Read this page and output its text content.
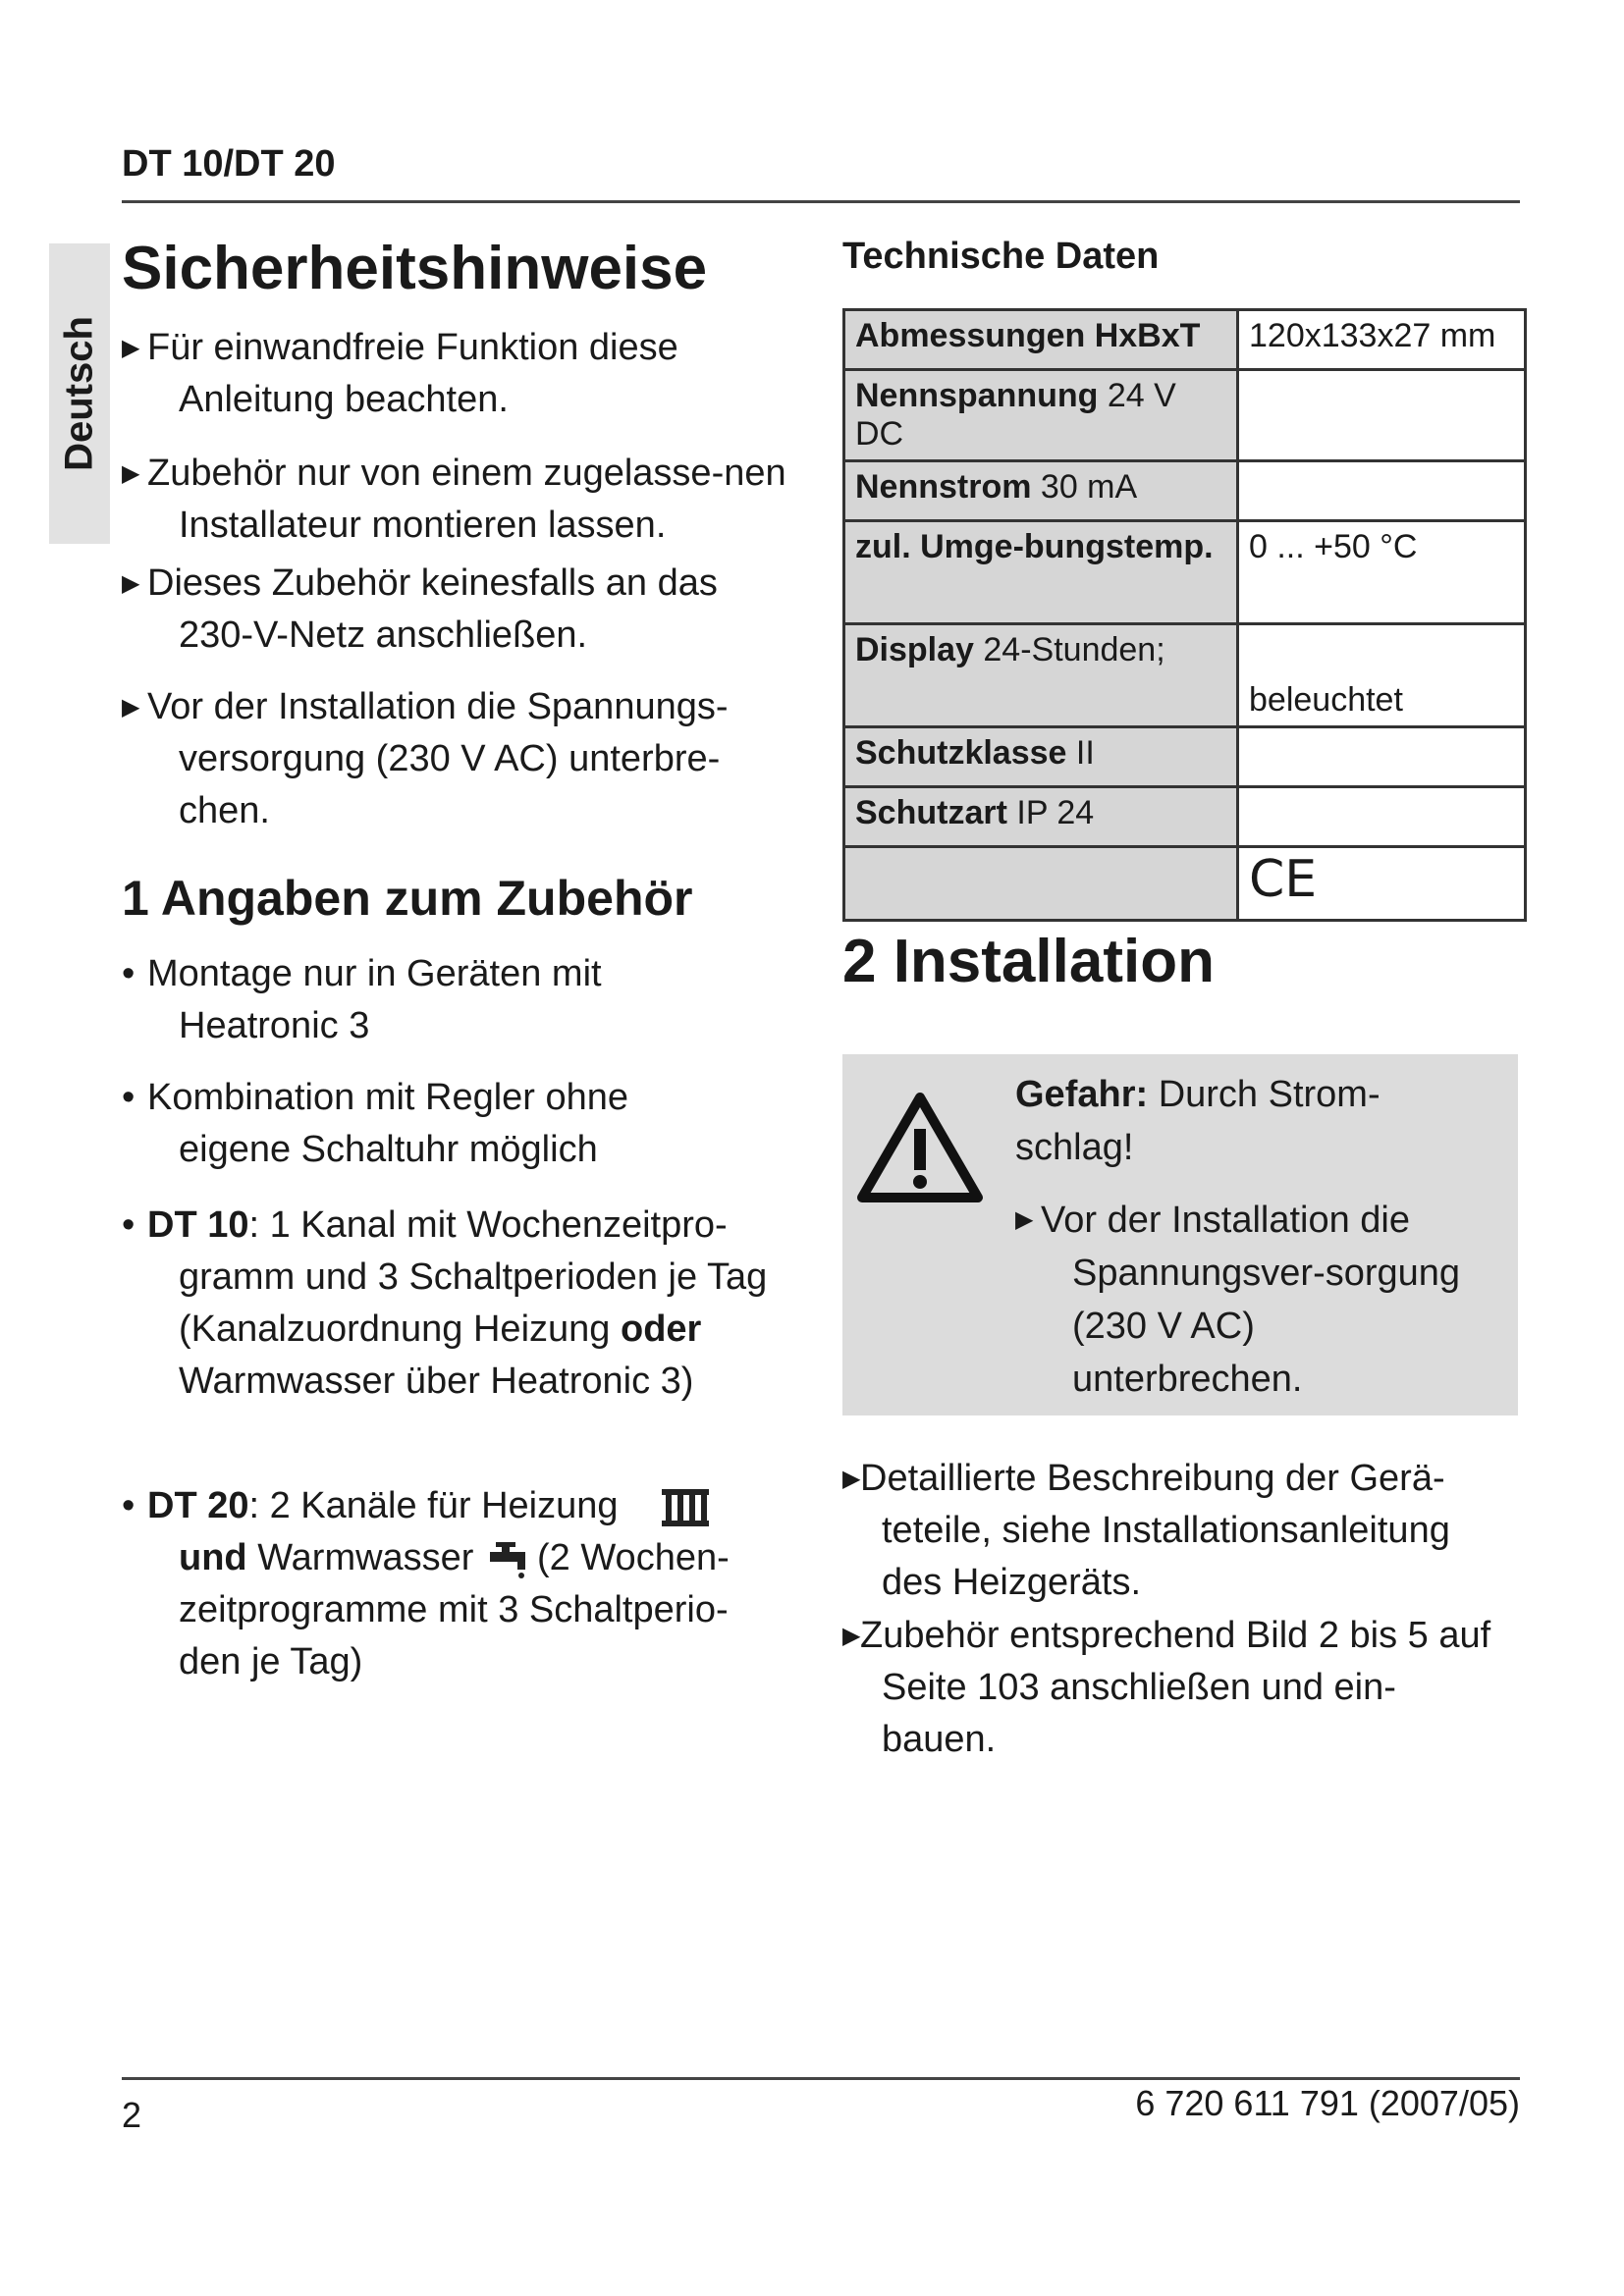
DT 10/DT 20
Deutsch
Sicherheitshinweise
▶ Für einwandfreie Funktion diese Anleitung beachten.
▶ Zubehör nur von einem zugelasse-nen Installateur montieren lassen.
▶ Dieses Zubehör keinesfalls an das 230-V-Netz anschließen.
▶ Vor der Installation die Spannungs-versorgung (230 V AC) unterbre-chen.
1 Angaben zum Zubehör
• Montage nur in Geräten mit Heatronic 3
• Kombination mit Regler ohne eigene Schaltuhr möglich
• DT 10: 1 Kanal mit Wochenzeitpro-gramm und 3 Schaltperioden je Tag (Kanalzuordnung Heizung oder Warmwasser über Heatronic 3)
• DT 20: 2 Kanäle für Heizung
und Warmwasser (2 Wochen-zeitprogramme mit 3 Schaltperio-den je Tag)
Technische Daten
Abmessungen HxBxT	120x133x27 mm
Nennspannung 24 V DC	
Nennstrom 30 mA	
zul. Umge-bungstemp.	0 ... +50 °C
Display 24-Stunden;	beleuchtet
Schutzklasse II	
Schutzart IP 24	
	CE
2 Installation
Gefahr: Durch Strom-schlag!
▶ Vor der Installation die Spannungsver-sorgung (230 V AC) unterbrechen.
▶ Detaillierte Beschreibung der Gerä-teteile, siehe Installationsanleitung des Heizgeräts.
▶ Zubehör entsprechend Bild 2 bis 5 auf Seite 103 anschließen und ein-bauen.
2	6 720 611 791 (2007/05)
